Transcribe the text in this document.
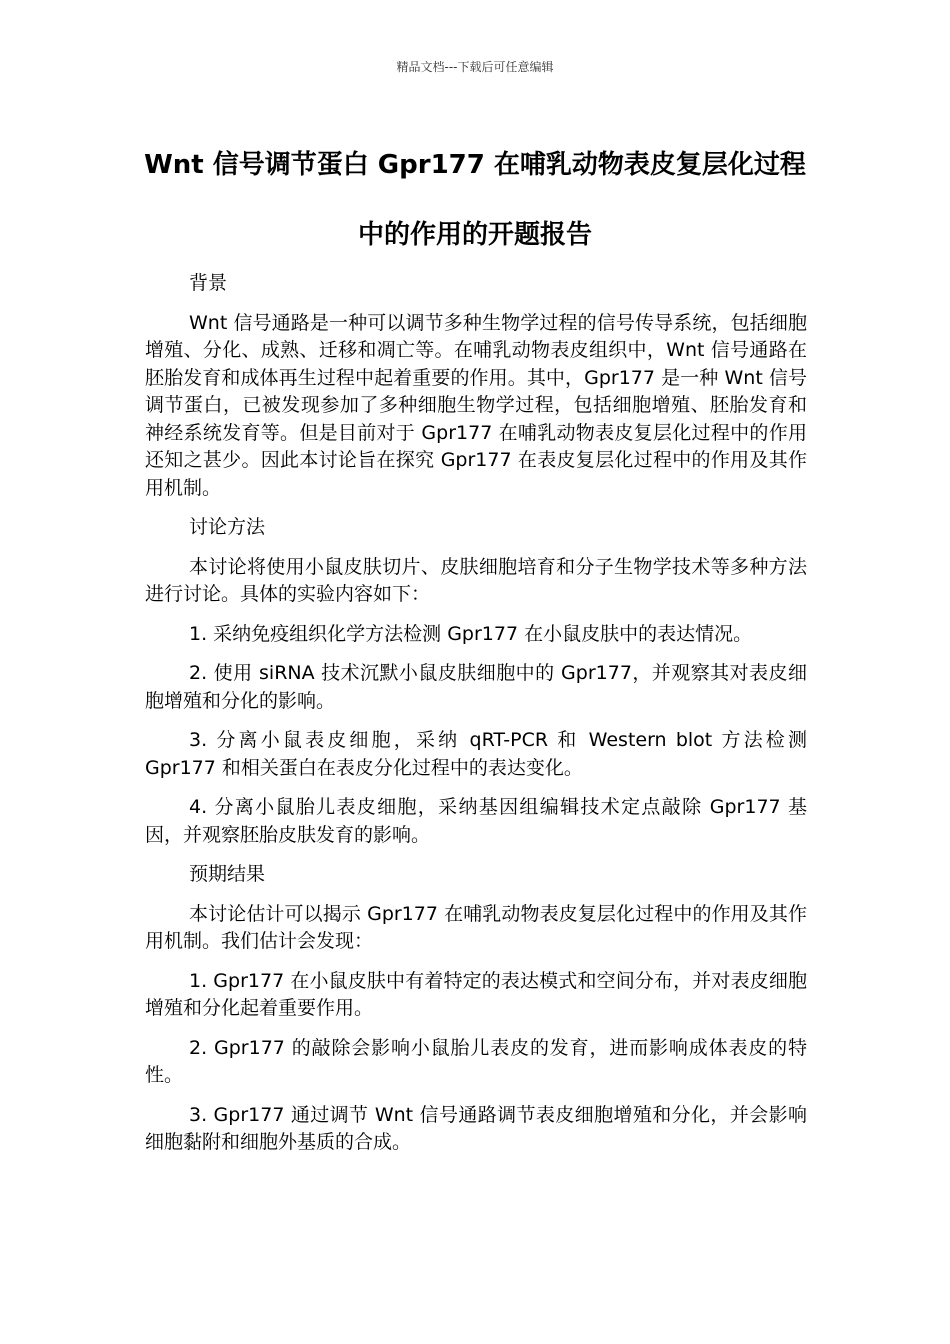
精品文档---下载后可任意编辑
Wnt 信号调节蛋白 Gpr177 在哺乳动物表皮复层化过程中的作用的开题报告

背景

Wnt 信号通路是一种可以调节多种生物学过程的信号传导系统，包括细胞增殖、分化、成熟、迁移和凋亡等。在哺乳动物表皮组织中，Wnt 信号通路在胚胎发育和成体再生过程中起着重要的作用。其中，Gpr177 是一种 Wnt 信号调节蛋白，已被发现参加了多种细胞生物学过程，包括细胞增殖、胚胎发育和神经系统发育等。但是目前对于 Gpr177 在哺乳动物表皮复层化过程中的作用还知之甚少。因此本讨论旨在探究 Gpr177 在表皮复层化过程中的作用及其作用机制。

讨论方法

本讨论将使用小鼠皮肤切片、皮肤细胞培育和分子生物学技术等多种方法进行讨论。具体的实验内容如下：

1. 采纳免疫组织化学方法检测 Gpr177 在小鼠皮肤中的表达情况。

2. 使用 siRNA 技术沉默小鼠皮肤细胞中的 Gpr177，并观察其对表皮细胞增殖和分化的影响。

3. 分离小鼠表皮细胞，采纳 qRT-PCR 和 Western blot 方法检测 Gpr177 和相关蛋白在表皮分化过程中的表达变化。

4. 分离小鼠胎儿表皮细胞，采纳基因组编辑技术定点敲除 Gpr177 基因，并观察胚胎皮肤发育的影响。

预期结果

本讨论估计可以揭示 Gpr177 在哺乳动物表皮复层化过程中的作用及其作用机制。我们估计会发现：

1. Gpr177 在小鼠皮肤中有着特定的表达模式和空间分布，并对表皮细胞增殖和分化起着重要作用。

2. Gpr177 的敲除会影响小鼠胎儿表皮的发育，进而影响成体表皮的特性。

3. Gpr177 通过调节 Wnt 信号通路调节表皮细胞增殖和分化，并会影响细胞黏附和细胞外基质的合成。
